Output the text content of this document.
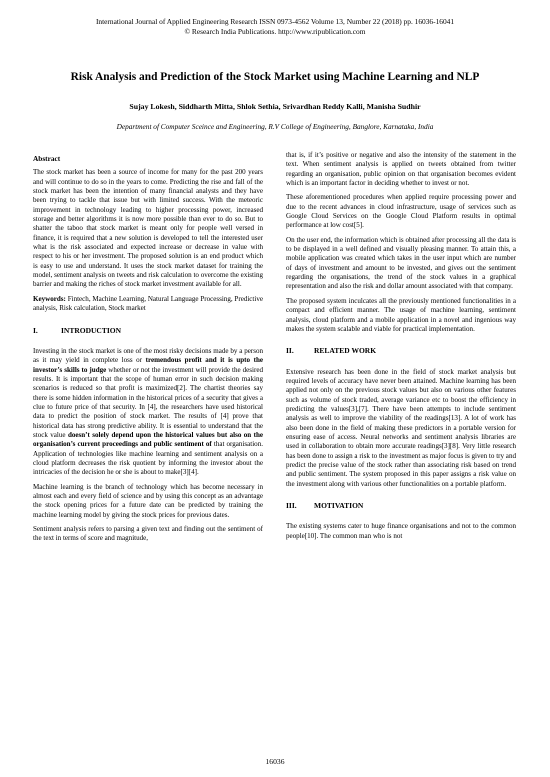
International Journal of Applied Engineering Research ISSN 0973-4562 Volume 13, Number 22 (2018) pp. 16036-16041
© Research India Publications. http://www.ripublication.com
Risk Analysis and Prediction of the Stock Market using Machine Learning and NLP
Sujay Lokesh, Siddharth Mitta, Shlok Sethia, Srivardhan Reddy Kalli, Manisha Sudhir
Department of Computer Sceince and Engineering, R.V College of Engineering, Banglore, Karnataka, India
Abstract

The stock market has been a source of income for many for the past 200 years and will continue to do so in the years to come. Predicting the rise and fall of the stock market has been the intention of many financial analysts and they have been trying to tackle that issue but with limited success. With the meteoric improvement in technology leading to higher processing power, increased storage and better algorithms it is now more possible than ever to do so. But to shatter the taboo that stock market is meant only for people well versed in finance, it is required that a new solution is developed to tell the interested user what is the risk associated and expected increase or decrease in value with respect to his or her investment. The proposed solution is an end product which is easy to use and understand. It uses the stock market dataset for training the model, sentiment analysis on tweets and risk calculation to overcome the existing barrier and making the riches of stock market investment available for all.

Keywords: Fintech, Machine Learning, Natural Language Processing, Predictive analysis, Risk calculation, Stock market

I.	INTRODUCTION

Investing in the stock market is one of the most risky decisions made by a person as it may yield in complete loss or tremendous profit and it is upto the investor’s skills to judge whether or not the investment will provide the desired results. It is important that the scope of human error in such decision making scenarios is reduced so that profit is maximized[2]. The chartist theories say there is some hidden information in the historical prices of a security that gives a clue to future price of that security. In [4], the researchers have used historical data to predict the position of stock market. The results of [4] prove that historical data has strong predictive ability. It is essential to understand that the stock value doesn’t solely depend upon the historical values but also on the organisation’s current proceedings and public sentiment of that organisation. Application of technologies like machine learning and sentiment analysis on a cloud platform decreases the risk quotient by informing the investor about the intricacies of the decision he or she is about to make[3][4].

Machine learning is the branch of technology which has become necessary in almost each and every field of science and by using this concept as an advantage the stock opening prices for a future date can be predicted by training the machine learning model by giving the stock prices for previous dates.

Sentiment analysis refers to parsing a given text and finding out the sentiment of the text in terms of score and magnitude,

that is, if it’s positive or negative and also the intensity of the statement in the text. When sentiment analysis is applied on tweets obtained from twitter regarding an organisation, public opinion on that organisation becomes evident which is an important factor in deciding whether to invest or not.

These aforementioned procedures when applied require processing power and due to the recent advances in cloud infrastructure, usage of services such as Google Cloud Services on the Google Cloud Platform results in optimal performance at low cost[5].

On the user end, the information which is obtained after processing all the data is to be displayed in a well defined and visually pleasing manner. To attain this, a mobile application was created which takes in the user input which are number of days of investment and amount to be invested, and gives out the sentiment regarding the organisations, the trend of the stock values in a graphical representation and also the risk and dollar amount associated with that company.

The proposed system inculcates all the previously mentioned functionalities in a compact and efficient manner. The usage of machine learning, sentiment analysis, cloud platform and a mobile application in a novel and ingenious way makes the system scalable and viable for practical implementation.

II.	RELATED WORK

Extensive research has been done in the field of stock market analysis but required levels of accuracy have never been attained. Machine learning has been applied not only on the previous stock values but also on various other features such as volume of stock traded, average variance etc to boost the efficiency in predicting the values[3],[7]. There have been attempts to include sentiment analysis as well to improve the viability of the readings[13]. A lot of work has also been done in the field of making these predictors in a portable version for ensuring ease of access. Neural networks and sentiment analysis libraries are used in collaboration to obtain more accurate readings[3][8]. Very little research has been done to assign a risk to the investment as major focus is given to try and predict the precise value of the stock rather than associating risk based on trend and public sentiment. The system proposed in this paper assigns a risk value on the investment along with various other functionalities on a portable platform.

III.	MOTIVATION

The existing systems cater to huge finance organisations and not to the common people[10]. The common man who is not

16036
